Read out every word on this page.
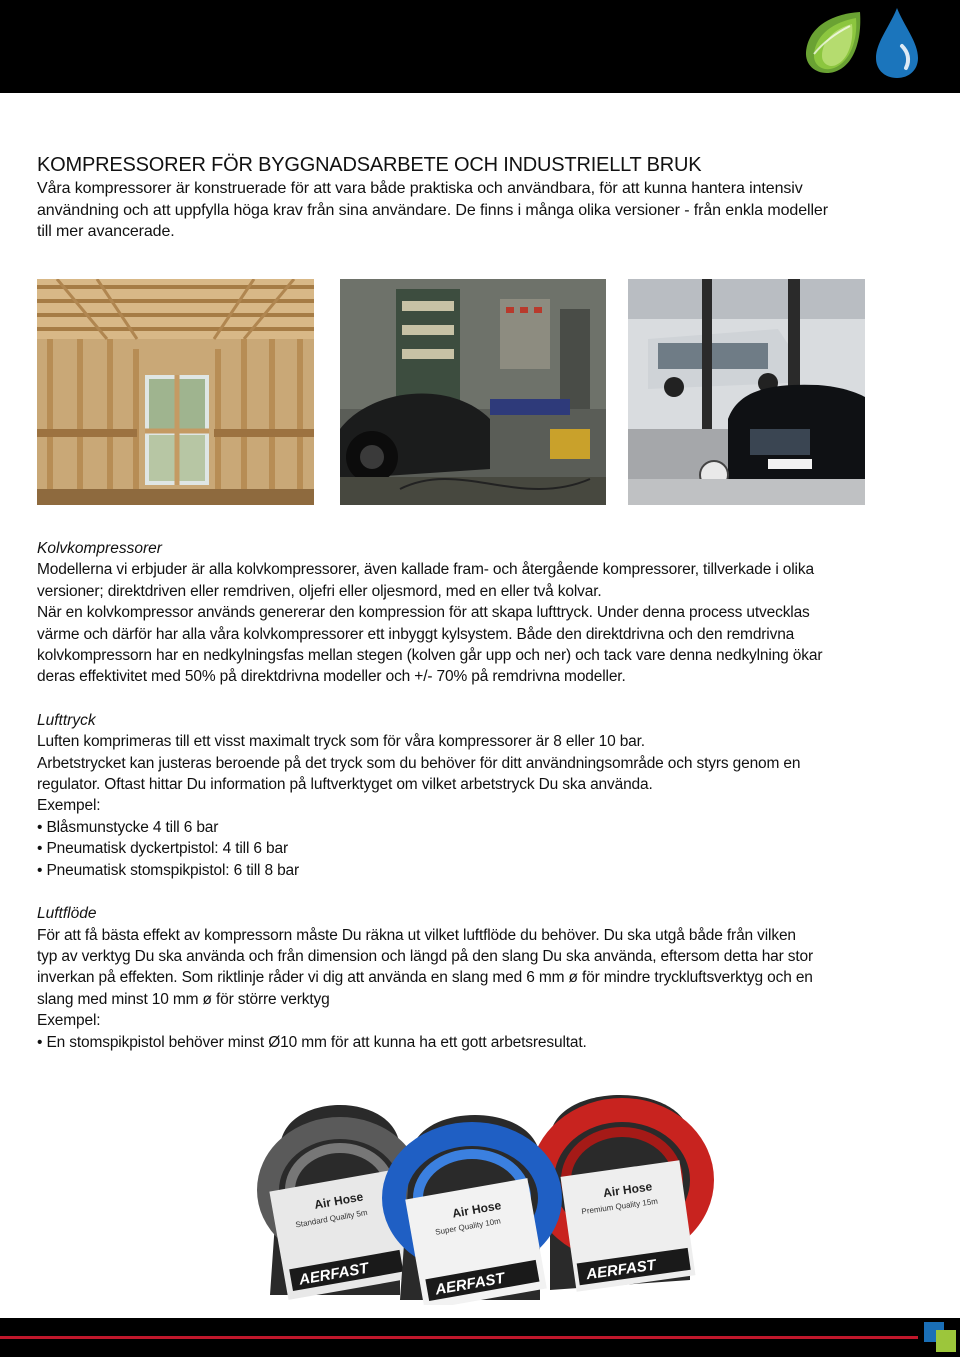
KOMPRESSORER FÖR BYGGNADSARBETE OCH INDUSTRIELLT BRUK

Våra kompressorer är konstruerade för att vara både praktiska och användbara, för att kunna hantera intensiv

användning och att uppfylla höga krav från sina användare. De finns i många olika versioner - från enkla modeller

till mer avancerade.

Kolvkompressorer

Modellerna vi erbjuder är alla kolvkompressorer, även kallade fram- och återgående kompressorer, tillverkade i olika

versioner; direktdriven eller remdriven, oljefri eller oljesmord, med en eller två kolvar.

När en kolvkompressor används genererar den kompression för att skapa lufttryck. Under denna process utvecklas

värme och därför har alla våra kolvkompressorer ett inbyggt kylsystem. Både den direktdrivna och den remdrivna

kolvkompressorn har en nedkylningsfas mellan stegen (kolven går upp och ner) och tack vare denna nedkylning ökar

deras effektivitet med 50% på direktdrivna modeller och +/- 70% på remdrivna modeller.

Lufttryck

Luften komprimeras till ett visst maximalt tryck som för våra kompressorer är 8 eller 10 bar.

Arbetstrycket kan justeras beroende på det tryck som du behöver för ditt användningsområde och styrs genom en

regulator. Oftast hittar Du information på luftverktyget om vilket arbetstryck Du ska använda.

Exempel:

• Blåsmunstycke 4 till 6 bar

• Pneumatisk dyckertpistol: 4 till 6 bar

• Pneumatisk stomspikpistol: 6 till 8 bar

Luftflöde

För att få bästa effekt av kompressorn måste Du räkna ut vilket luftflöde du behöver. Du ska utgå både från vilken

typ av verktyg Du ska använda och från dimension och längd på den slang Du ska använda, eftersom detta har stor

inverkan på effekten. Som riktlinje råder vi dig att använda en slang med 6 mm ø för mindre tryckluftsverktyg och en

slang med minst 10 mm ø för större verktyg

Exempel:

• En stomspikpistol behöver minst Ø10 mm för att kunna ha ett gott arbetsresultat.

Air Hose
Standard Quality 5m
AERFAST
Air Hose
Premium Quality 15m
AERFAST
Air Hose
Super Quality 10m
AERFAST
